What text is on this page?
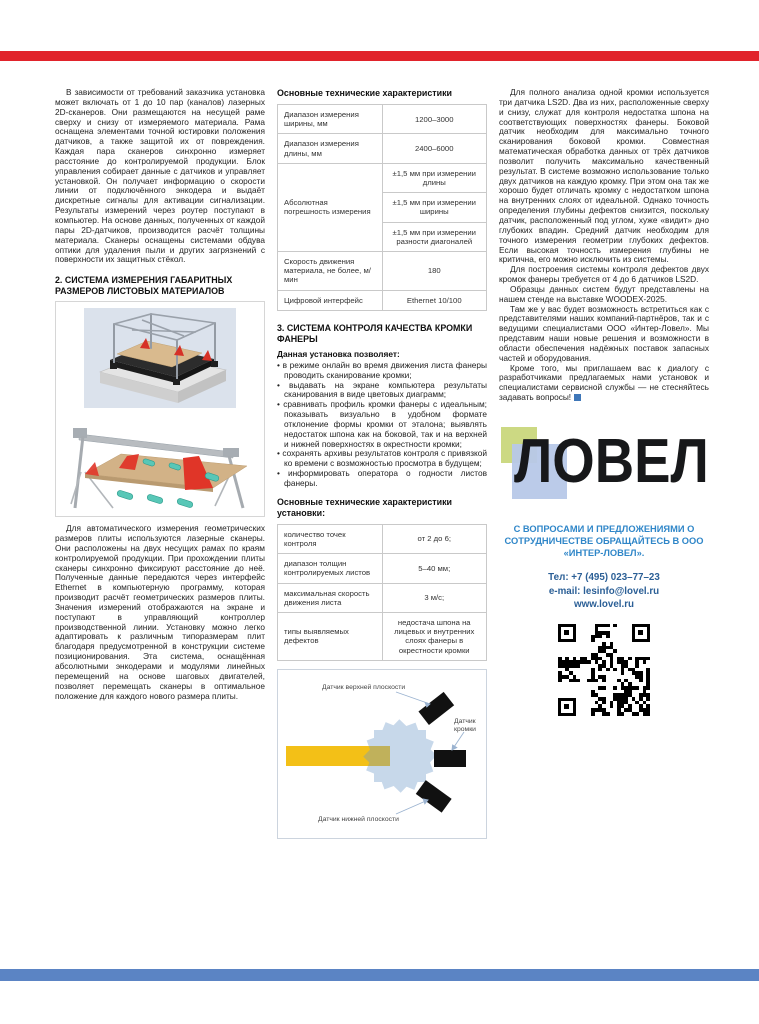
В зависимости от требований заказчика установка может включать от 1 до 10 пар (каналов) лазерных 2D-сканеров. Они размещаются на несущей раме сверху и снизу от измеряемого материала. Рама оснащена элементами точной юстировки положения датчиков, а также защитой их от повреждения. Каждая пара сканеров синхронно измеряет расстояние до контролируемой продукции. Блок управления собирает данные с датчиков и управляет установкой. Он получает информацию о скорости линии от подключённого энкодера и выдаёт дискретные сигналы для активации сигнализации. Результаты измерений через роутер поступают в компьютер. На основе данных, полученных от каждой пары 2D-датчиков, производится расчёт толщины материала. Сканеры оснащены системами обдува оптики для удаления пыли и других загрязнений с поверхности их защитных стёкол.

2. СИСТЕМА ИЗМЕРЕНИЯ ГАБАРИТНЫХ РАЗМЕРОВ ЛИСТОВЫХ МАТЕРИАЛОВ

Для автоматического измерения геометрических размеров плиты используются лазерные сканеры. Они расположены на двух несущих рамах по краям контролируемой продукции. При прохождении плиты сканеры синхронно фиксируют расстояние до неё. Полученные данные передаются через интерфейс Ethernet в компьютерную программу, которая производит расчёт геометрических размеров плиты. Значения измерений отображаются на экране и поступают в управляющий контроллер производственной линии. Установку можно легко адаптировать к различным типоразмерам плит благодаря предусмотренной в конструкции системе позиционирования. Эта система, оснащённая абсолютными энкодерами и модулями линейных перемещений на основе шаговых двигателей, позволяет перемещать сканеры в оптимальное положение для каждого нового размера плиты.

Основные технические характеристики
Диапазон измерения ширины, мм	1200–3000
Диапазон измерения длины, мм	2400–6000
Абсолютная погрешность измерения	±1,5 мм при измерении длины
	±1,5 мм при измерении ширины
	±1,5 мм при измерении разности диагоналей
Скорость движения материала, не более, м/мин	180
Цифровой интерфейс	Ethernet 10/100
3. СИСТЕМА КОНТРОЛЯ КАЧЕСТВА КРОМКИ ФАНЕРЫ
Данная установка позволяет:
• в режиме онлайн во время движения листа фанеры проводить сканирование кромки;
• выдавать на экране компьютера результаты сканирования в виде цветовых диаграмм;
• сравнивать профиль кромки фанеры с идеальным; показывать визуально в удобном формате отклонение формы кромки от эталона; выявлять недостаток шпона как на боковой, так и на верхней и нижней поверхностях в окрестности кромки;
• сохранять архивы результатов контроля с привязкой ко времени с возможностью просмотра в будущем;
• информировать оператора о годности листов фанеры.
Основные технические характеристики установки:
количество точек контроля	от 2 до 6;
диапазон толщин контролируемых листов	5–40 мм;
максимальная скорость движения листа	3 м/с;
типы выявляемых дефектов	недостача шпона на лицевых и внутренних слоях фанеры в окрестности кромки
Датчик верхней плоскости
Датчик кромки
Датчик нижней плоскости

Для полного анализа одной кромки используется три датчика LS2D. Два из них, расположенные сверху и снизу, служат для контроля недостатка шпона на соответствующих поверхностях фанеры. Боковой датчик необходим для максимально точного сканирования боковой кромки. Совместная математическая обработка данных от трёх датчиков позволит получить максимально качественный результат. В системе возможно использование только двух датчиков на каждую кромку. При этом она так же хорошо будет отличать кромку с недостатком шпона на внутренних слоях от идеальной. Однако точность определения глубины дефектов снизится, поскольку датчик, расположенный под углом, хуже «видит» дно глубоких впадин. Средний датчик необходим для точного измерения геометрии глубоких дефектов. Если высокая точность измерения глубины не критична, его можно исключить из системы.

Для построения системы контроля дефектов двух кромок фанеры требуется от 4 до 6 датчиков LS2D.

Образцы данных систем будут представлены на нашем стенде на выставке WOODEX-2025.

Там же у вас будет возможность встретиться как с представителями наших компаний-партнёров, так и с ведущими специалистами ООО «Интер-Ловел». Мы представим наши новые решения и возможности в области обеспечения надёжных поставок запасных частей и оборудования.

Кроме того, мы приглашаем вас к диалогу с разработчиками предлагаемых нами установок и специалистами сервисной службы — не стесняйтесь задавать вопросы!

ЛОВЕЛ
С ВОПРОСАМИ И ПРЕДЛОЖЕНИЯМИ О СОТРУДНИЧЕСТВЕ ОБРАЩАЙТЕСЬ В ООО «ИНТЕР-ЛОВЕЛ».
Тел: +7 (495) 023–77–23
e-mail: lesinfo@lovel.ru
www.lovel.ru
